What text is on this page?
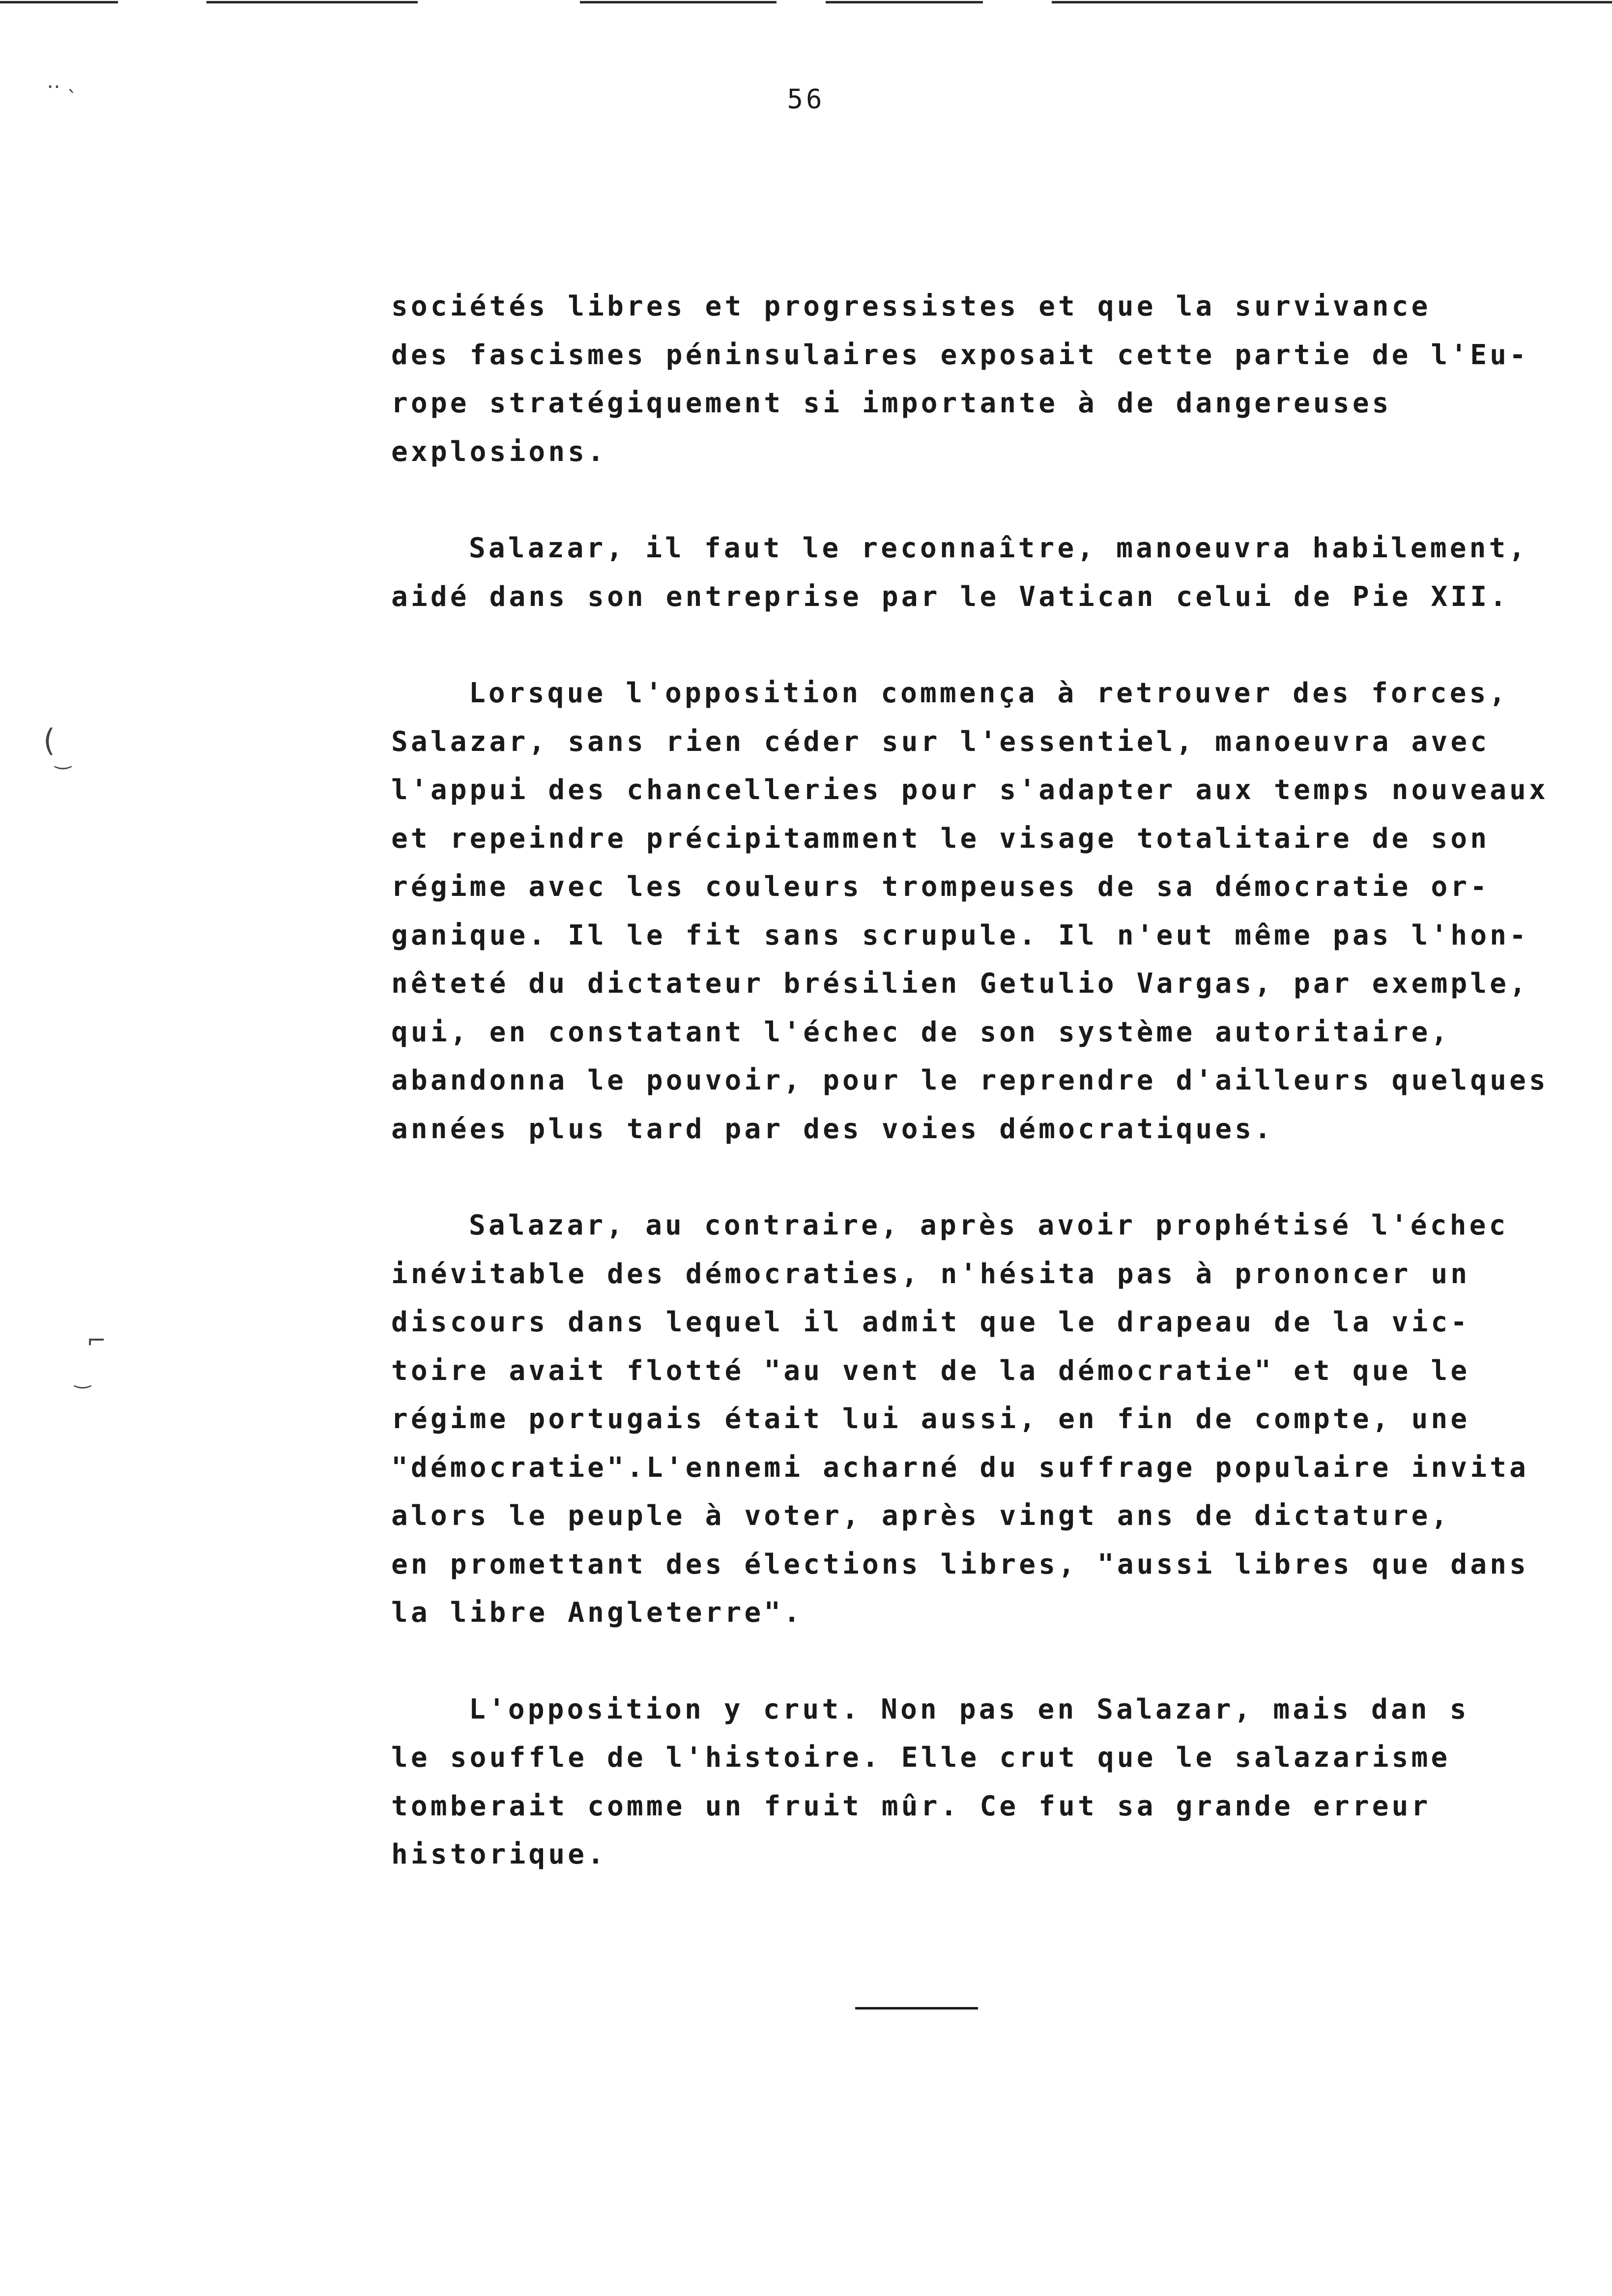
‥ ˎ
( ‿
⌐
‿
56
sociétés libres et progressistes et que la survivance
des fascismes péninsulaires exposait cette partie de l'Eu-
rope stratégiquement si importante à de dangereuses
explosions.
Salazar, il faut le reconnaître, manoeuvra habilement,
aidé dans son entreprise par le Vatican celui de Pie XII.
Lorsque l'opposition commença à retrouver des forces,
Salazar, sans rien céder sur l'essentiel, manoeuvra avec
l'appui des chancelleries pour s'adapter aux temps nouveaux
et repeindre précipitamment le visage totalitaire de son
régime avec les couleurs trompeuses de sa démocratie or-
ganique. Il le fit sans scrupule. Il n'eut même pas l'hon-
nêteté du dictateur brésilien Getulio Vargas, par exemple,
qui, en constatant l'échec de son système autoritaire,
abandonna le pouvoir, pour le reprendre d'ailleurs quelques
années plus tard par des voies démocratiques.
Salazar, au contraire, après avoir prophétisé l'échec
inévitable des démocraties, n'hésita pas à prononcer un
discours dans lequel il admit que le drapeau de la vic-
toire avait flotté "au vent de la démocratie" et que le
régime portugais était lui aussi, en fin de compte, une
"démocratie".L'ennemi acharné du suffrage populaire invita
alors le peuple à voter, après vingt ans de dictature,
en promettant des élections libres, "aussi libres que dans
la libre Angleterre".
L'opposition y crut. Non pas en Salazar, mais dan s
le souffle de l'histoire. Elle crut que le salazarisme
tomberait comme un fruit mûr. Ce fut sa grande erreur
historique.
